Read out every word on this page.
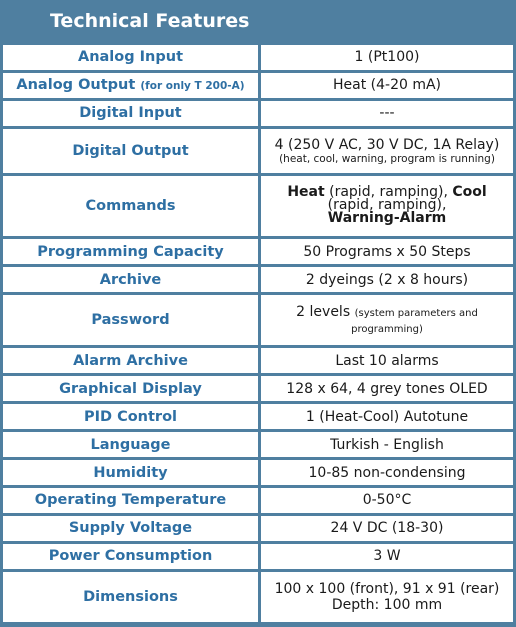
Technical Features
Analog Input	1 (Pt100)
Analog Output (for only T 200-A)	Heat (4-20 mA)
Digital Input	---
Digital Output	4 (250 V AC, 30 V DC, 1A Relay)
(heat, cool, warning, program is running)

Commands	Heat (rapid, ramping), Cool (rapid, ramping),
Warning-Alarm
Programming Capacity	50 Programs x 50 Steps
Archive	2 dyeings (2 x 8 hours)
Password	2 levels (system parameters and programming)
Alarm Archive	Last 10 alarms
Graphical Display	128 x 64, 4 grey tones OLED
PID Control	1 (Heat-Cool) Autotune
Language	Turkish - English
Humidity	10-85 non-condensing
Operating Temperature	0-50°C
Supply Voltage	24 V DC (18-30)
Power Consumption	3 W
Dimensions	100 x 100 (front), 91 x 91 (rear) Depth: 100 mm
